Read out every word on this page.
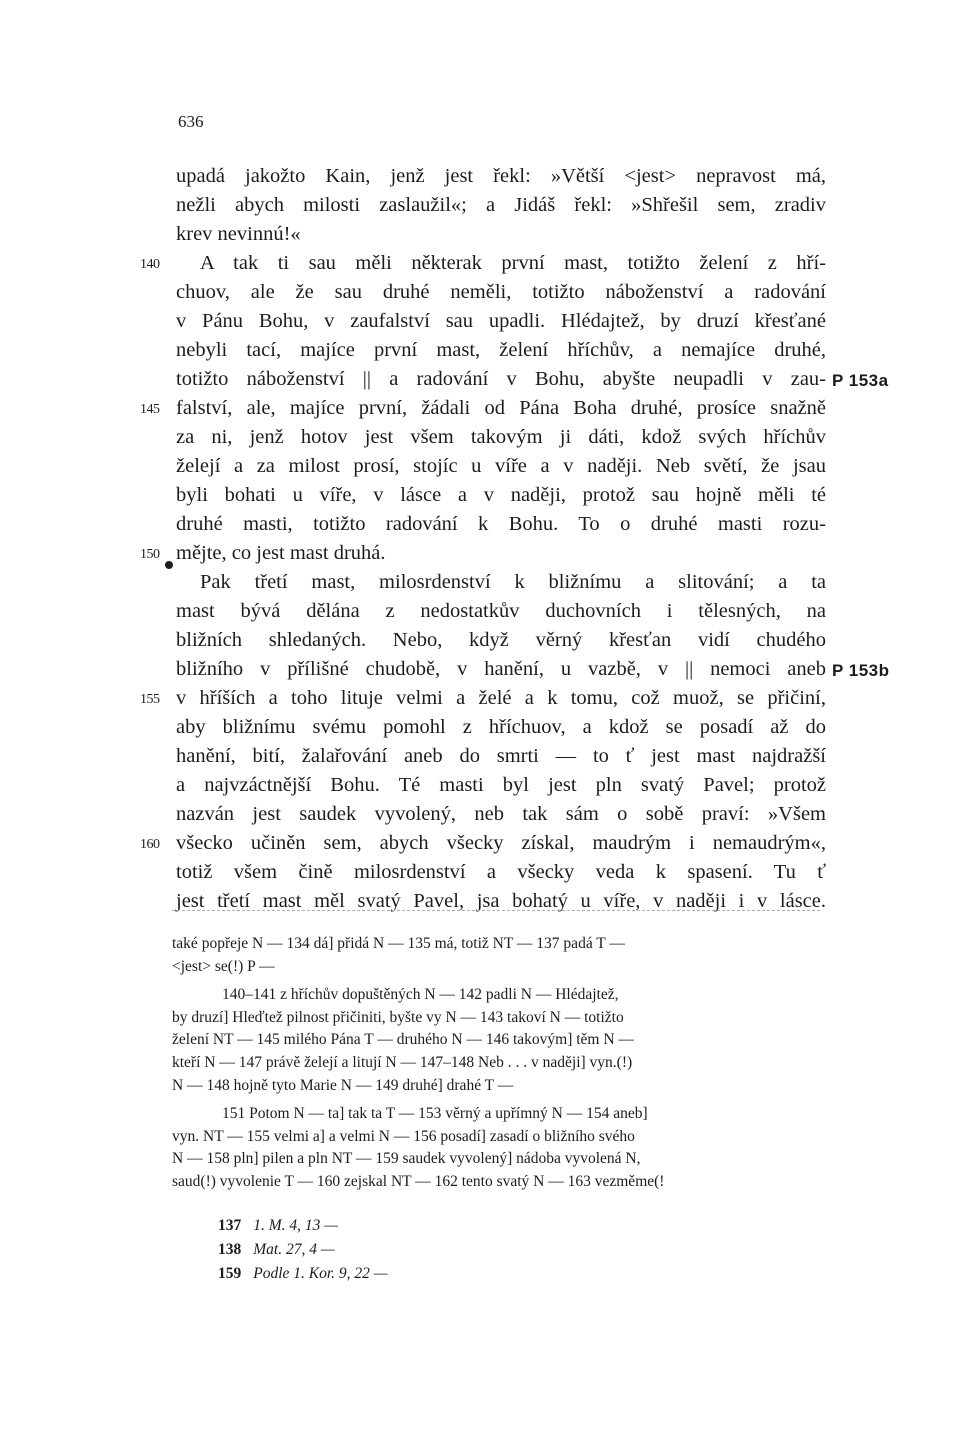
636
upadá jakožto Kain, jenž jest řekl: »Větší <jest> nepravost má,
nežli abych milosti zaslaužil«; a Jidáš řekl: »Shřešil sem, zradiv
krev nevinnú!«
140 A tak ti sau měli některak první mast, totižto želení z hří-
chuov, ale že sau druhé neměli, totižto náboženství a radování
v Pánu Bohu, v zaufalství sau upadli. Hlédajtež, by druzí křesťané
nebyli tací, majíce první mast, želení hříchův, a nemajíce druhé,
totižto náboženství || a radování v Bohu, abyšte neupadli v zau- P 153a
145 falství, ale, majíce první, žádali od Pána Boha druhé, prosíce snažně
za ni, jenž hotov jest všem takovým ji dáti, kdož svých hříchův
želejí a za milost prosí, stojíc u víře a v naději. Neb světí, že jsau
byli bohati u víře, v lásce a v naději, protož sau hojně měli té
druhé masti, totižto radování k Bohu. To o druhé masti rozu-
150 mějte, co jest mast druhá.
Pak třetí mast, milosrdenství k bližnímu a slitování; a ta
mast bývá dělána z nedostatkův duchovních i tělesných, na
bližních shledaných. Nebo, když věrný křesťan vidí chudého
bližního v přílišné chudobě, v hanění, u vazbě, v || nemoci aneb P 153b
155 v hříších a toho lituje velmi a želé a k tomu, což muož, se přičiní,
aby bližnímu svému pomohl z hříchuov, a kdož se posadí až do
hanění, bití, žalařování aneb do smrti — to ť jest mast najdražší
a najvzáctnější Bohu. Té masti byl jest pln svatý Pavel; protož
nazván jest saudek vyvolený, neb tak sám o sobě praví: »Všem
160 všecko učiněn sem, abych všecky získal, maudrým i nemaudrým«,
totiž všem čině milosrdenství a všecky veda k spasení. Tu ť
jest třetí mast měl svatý Pavel, jsa bohatý u víře, v naději i v lásce.
také popřeje N — 134 dá] přidá N — 135 má, totiž NT — 137 padá T —
<jest> se(!) P —
140–141 z hříchův dopuštěných N — 142 padli N — Hlédajtež,
by druzí] Hleďtež pilnost přičiniti, byšte vy N — 143 takoví N — totižto
želení NT — 145 milého Pána T — druhého N — 146 takovým] těm N —
kteří N — 147 právě želejí a litují N — 147–148 Neb . . . v naději] vyn.(!)
N — 148 hojně tyto Marie N — 149 druhé] drahé T —
151 Potom N — ta] tak ta T — 153 věrný a upřímný N — 154 aneb]
vyn. NT — 155 velmi a] a velmi N — 156 posadí] zasadí o bližního svého
N — 158 pln] pilen a pln NT — 159 saudek vyvolený] nádoba vyvolená N,
saud(!) vyvolenie T — 160 zejskal NT — 162 tento svatý N — 163 vezměme(!
137 1. M. 4, 13 —
138 Mat. 27, 4 —
159 Podle 1. Kor. 9, 22 —
